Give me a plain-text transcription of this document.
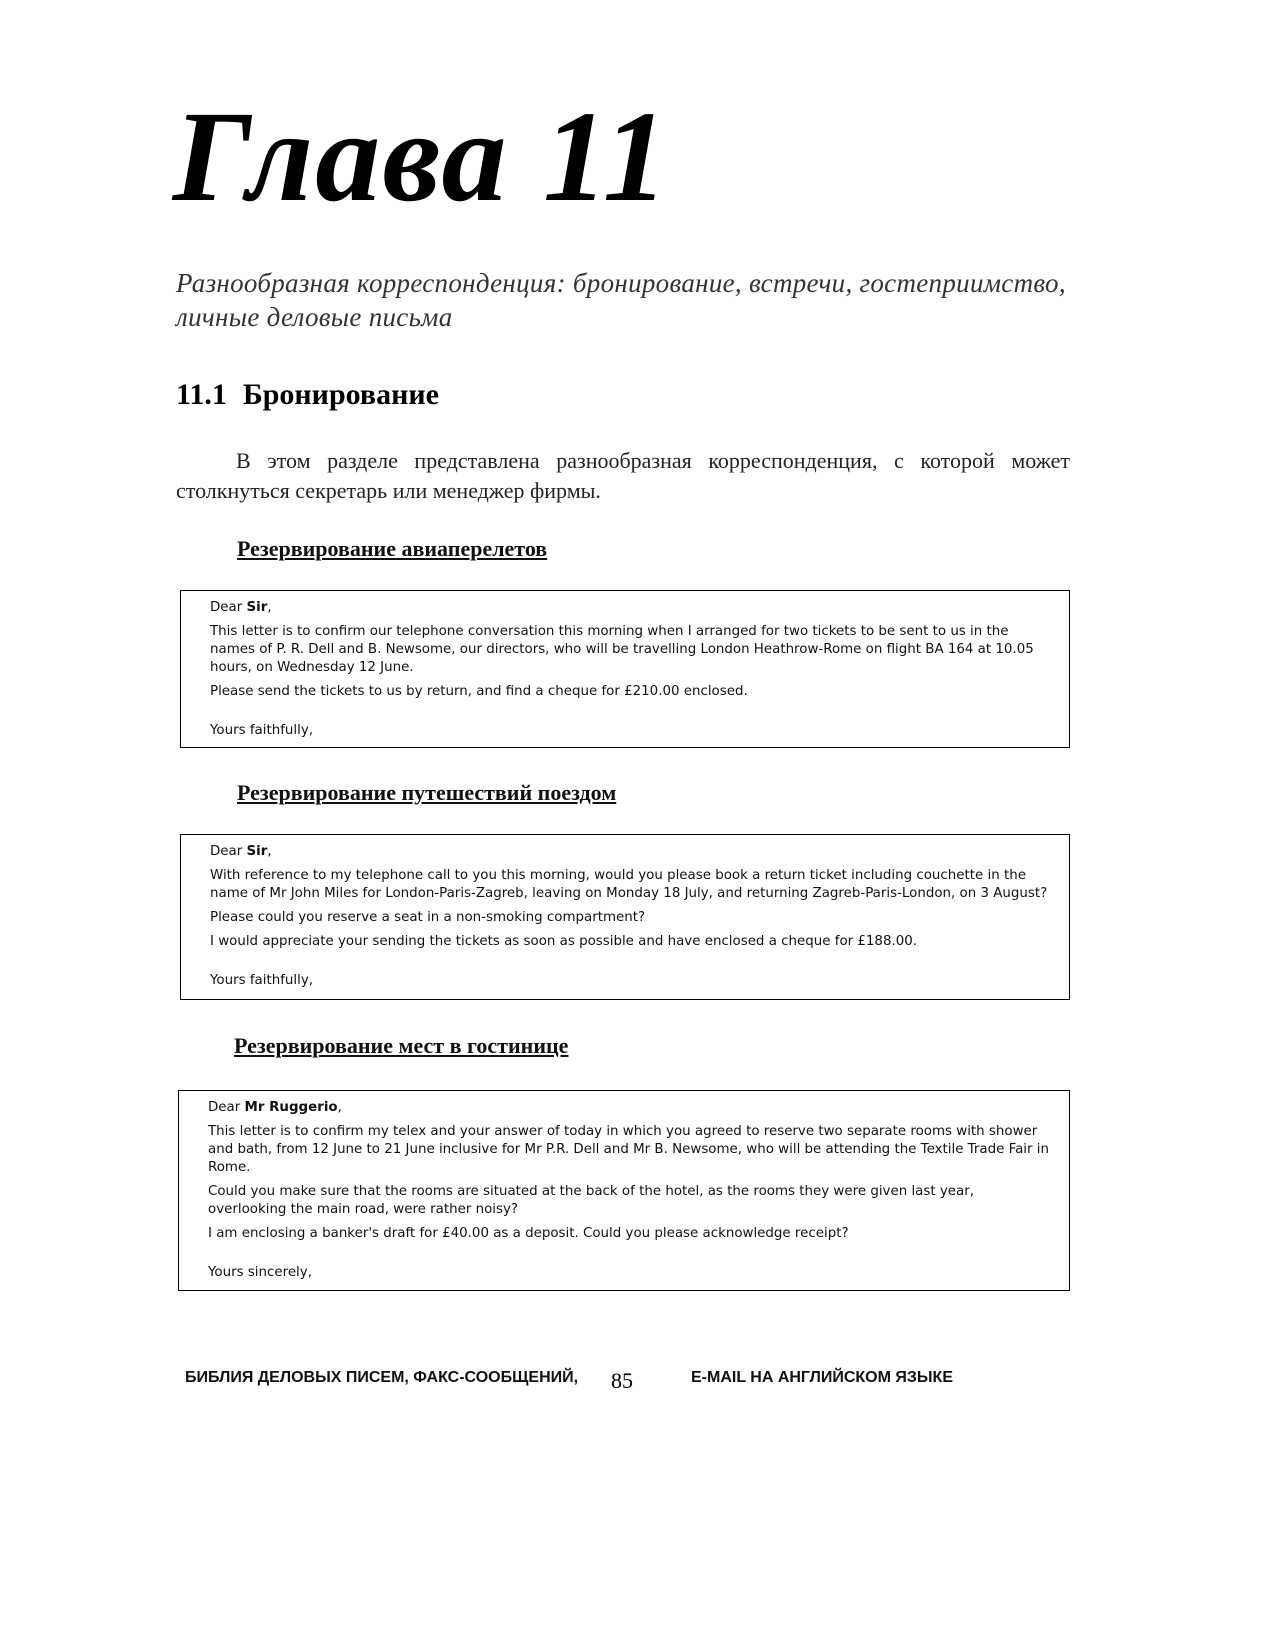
Глава 11

Разнообразная корреспонденция: бронирование, встречи, гостеприимство, личные деловые письма

11.1 Бронирование

В этом разделе представлена разнообразная корреспонденция, с которой может столкнуться секретарь или менеджер фирмы.

Резервирование авиаперелетов

Dear Sir,

This letter is to confirm our telephone conversation this morning when I arranged for two tickets to be sent to us in the names of P. R. Dell and B. Newsome, our directors, who will be travelling London Heathrow-Rome on flight BA 164 at 10.05 hours, on Wednesday 12 June.

Please send the tickets to us by return, and find a cheque for £210.00 enclosed.

Yours faithfully,

Резервирование путешествий поездом

Dear Sir,

With reference to my telephone call to you this morning, would you please book a return ticket including couchette in the name of Mr John Miles for London-Paris-Zagreb, leaving on Monday 18 July, and returning Zagreb-Paris-London, on 3 August?

Please could you reserve a seat in a non-smoking compartment?

I would appreciate your sending the tickets as soon as possible and have enclosed a cheque for £188.00.

Yours faithfully,

Резервирование мест в гостинице

Dear Mr Ruggerio,

This letter is to confirm my telex and your answer of today in which you agreed to reserve two separate rooms with shower and bath, from 12 June to 21 June inclusive for Mr P.R. Dell and Mr B. Newsome, who will be attending the Textile Trade Fair in Rome.

Could you make sure that the rooms are situated at the back of the hotel, as the rooms they were given last year, overlooking the main road, were rather noisy?

I am enclosing a banker's draft for £40.00 as a deposit. Could you please acknowledge receipt?

Yours sincerely,

БИБЛИЯ ДЕЛОВЫХ ПИСЕМ, ФАКС-СООБЩЕНИЙ, 85	E-MAIL НА АНГЛИЙСКОМ ЯЗЫКЕ
